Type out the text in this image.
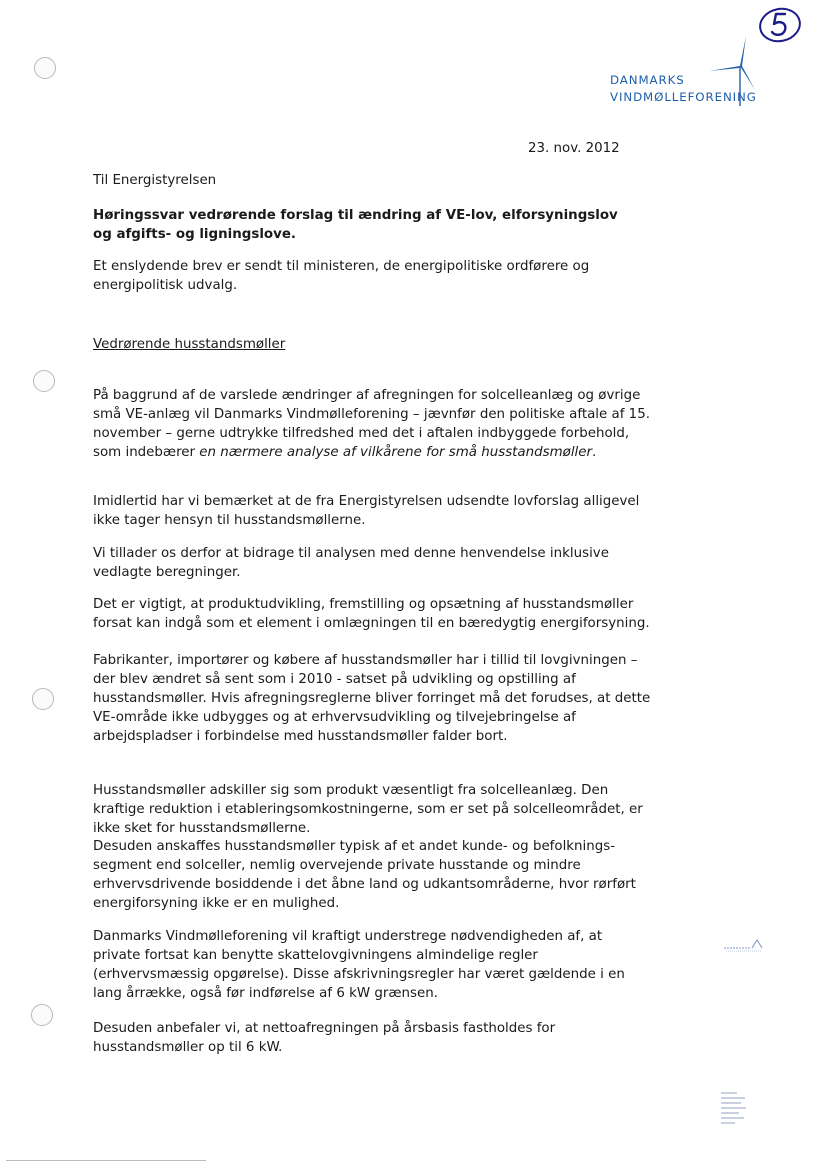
DANMARKS
VINDMØLLEFORENING
23. nov. 2012
Til Energistyrelsen
Høringssvar vedrørende forslag til ændring af VE-lov, elforsyningslov og afgifts- og ligningslove.
Et enslydende brev er sendt til ministeren, de energipolitiske ordførere og energipolitisk udvalg.
Vedrørende husstandsmøller

På baggrund af de varslede ændringer af afregningen for solcelleanlæg og øvrige små VE-anlæg vil Danmarks Vindmølleforening – jævnfør den politiske aftale af 15. november – gerne udtrykke tilfredshed med det i aftalen indbyggede forbehold, som indebærer en nærmere analyse af vilkårene for små husstandsmøller.

Imidlertid har vi bemærket at de fra Energistyrelsen udsendte lovforslag alligevel ikke tager hensyn til husstandsmøllerne.

Vi tillader os derfor at bidrage til analysen med denne henvendelse inklusive vedlagte beregninger.

Det er vigtigt, at produktudvikling, fremstilling og opsætning af husstandsmøller forsat kan indgå som et element i omlægningen til en bæredygtig energiforsyning.

Fabrikanter, importører og købere af husstandsmøller har i tillid til lovgivningen – der blev ændret så sent som i 2010 - satset på udvikling og opstilling af husstandsmøller. Hvis afregningsreglerne bliver forringet må det forudses, at dette VE-område ikke udbygges og at erhvervsudvikling og tilvejebringelse af arbejdspladser i forbindelse med husstandsmøller falder bort.

Husstandsmøller adskiller sig som produkt væsentligt fra solcelleanlæg. Den kraftige reduktion i etableringsomkostningerne, som er set på solcelleområdet, er ikke sket for husstandsmøllerne.

Desuden anskaffes husstandsmøller typisk af et andet kunde- og befolknings-segment end solceller, nemlig overvejende private husstande og mindre erhvervsdrivende bosiddende i det åbne land og udkantsområderne, hvor rørført energiforsyning ikke er en mulighed.

Danmarks Vindmølleforening vil kraftigt understrege nødvendigheden af, at private fortsat kan benytte skattelovgivningens almindelige regler (erhvervsmæssig opgørelse). Disse afskrivningsregler har været gældende i en lang årrække, også før indførelse af 6 kW grænsen.

Desuden anbefaler vi, at nettoafregningen på årsbasis fastholdes for husstandsmøller op til 6 kW.
